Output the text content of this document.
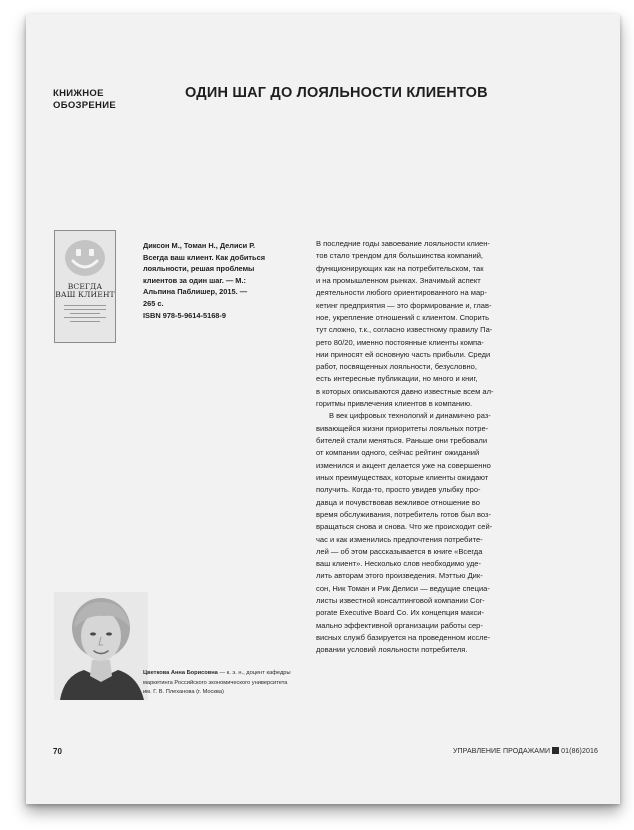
КНИЖНОЕ
ОБОЗРЕНИЕ
ОДИН ШАГ ДО ЛОЯЛЬНОСТИ КЛИЕНТОВ
ВСЕГДА
ВАШ КЛИЕНТ
Диксон М., Томан Н., Делиси Р.
Всегда ваш клиент. Как добиться
лояльности, решая проблемы
клиентов за один шаг. — М.:
Альпина Паблишер, 2015. —
265 с.
ISBN 978-5-9614-5168-9

В последние годы завоевание лояльности клиен-
тов стало трендом для большинства компаний,
функционирующих как на потребительском, так
и на промышленном рынках. Значимый аспект
деятельности любого ориентированного на мар-
кетинг предприятия — это формирование и, глав-
ное, укрепление отношений с клиентом. Спорить
тут сложно, т.к., согласно известному правилу Па-
рето 80/20, именно постоянные клиенты компа-
нии приносят ей основную часть прибыли. Среди
работ, посвященных лояльности, безусловно,
есть интересные публикации, но много и книг,
в которых описываются давно известные всем ал-
горитмы привлечения клиентов в компанию.

В век цифровых технологий и динамично раз-
вивающейся жизни приоритеты лояльных потре-
бителей стали меняться. Раньше они требовали
от компании одного, сейчас рейтинг ожиданий
изменился и акцент делается уже на совершенно
иных преимуществах, которые клиенты ожидают
получить. Когда-то, просто увидев улыбку про-
давца и почувствовав вежливое отношение во
время обслуживания, потребитель готов был воз-
вращаться снова и снова. Что же происходит сей-
час и как изменились предпочтения потребите-
лей — об этом рассказывается в книге «Всегда
ваш клиент». Несколько слов необходимо уде-
лить авторам этого произведения. Мэттью Дик-
сон, Ник Томан и Рик Делиси — ведущие специа-
листы известной консалтинговой компании Cor-
porate Executive Board Co. Их концепция макси-
мально эффективной организации работы сер-
висных служб базируется на проведенном иссле-
довании условий лояльности потребителя.

Цветкова Анна Борисовна — к. э. н., доцент кафедры
маркетинга Российского экономического университета
им. Г. В. Плеханова (г. Москва)
70	УПРАВЛЕНИЕ ПРОДАЖАМИ 01(86)2016
